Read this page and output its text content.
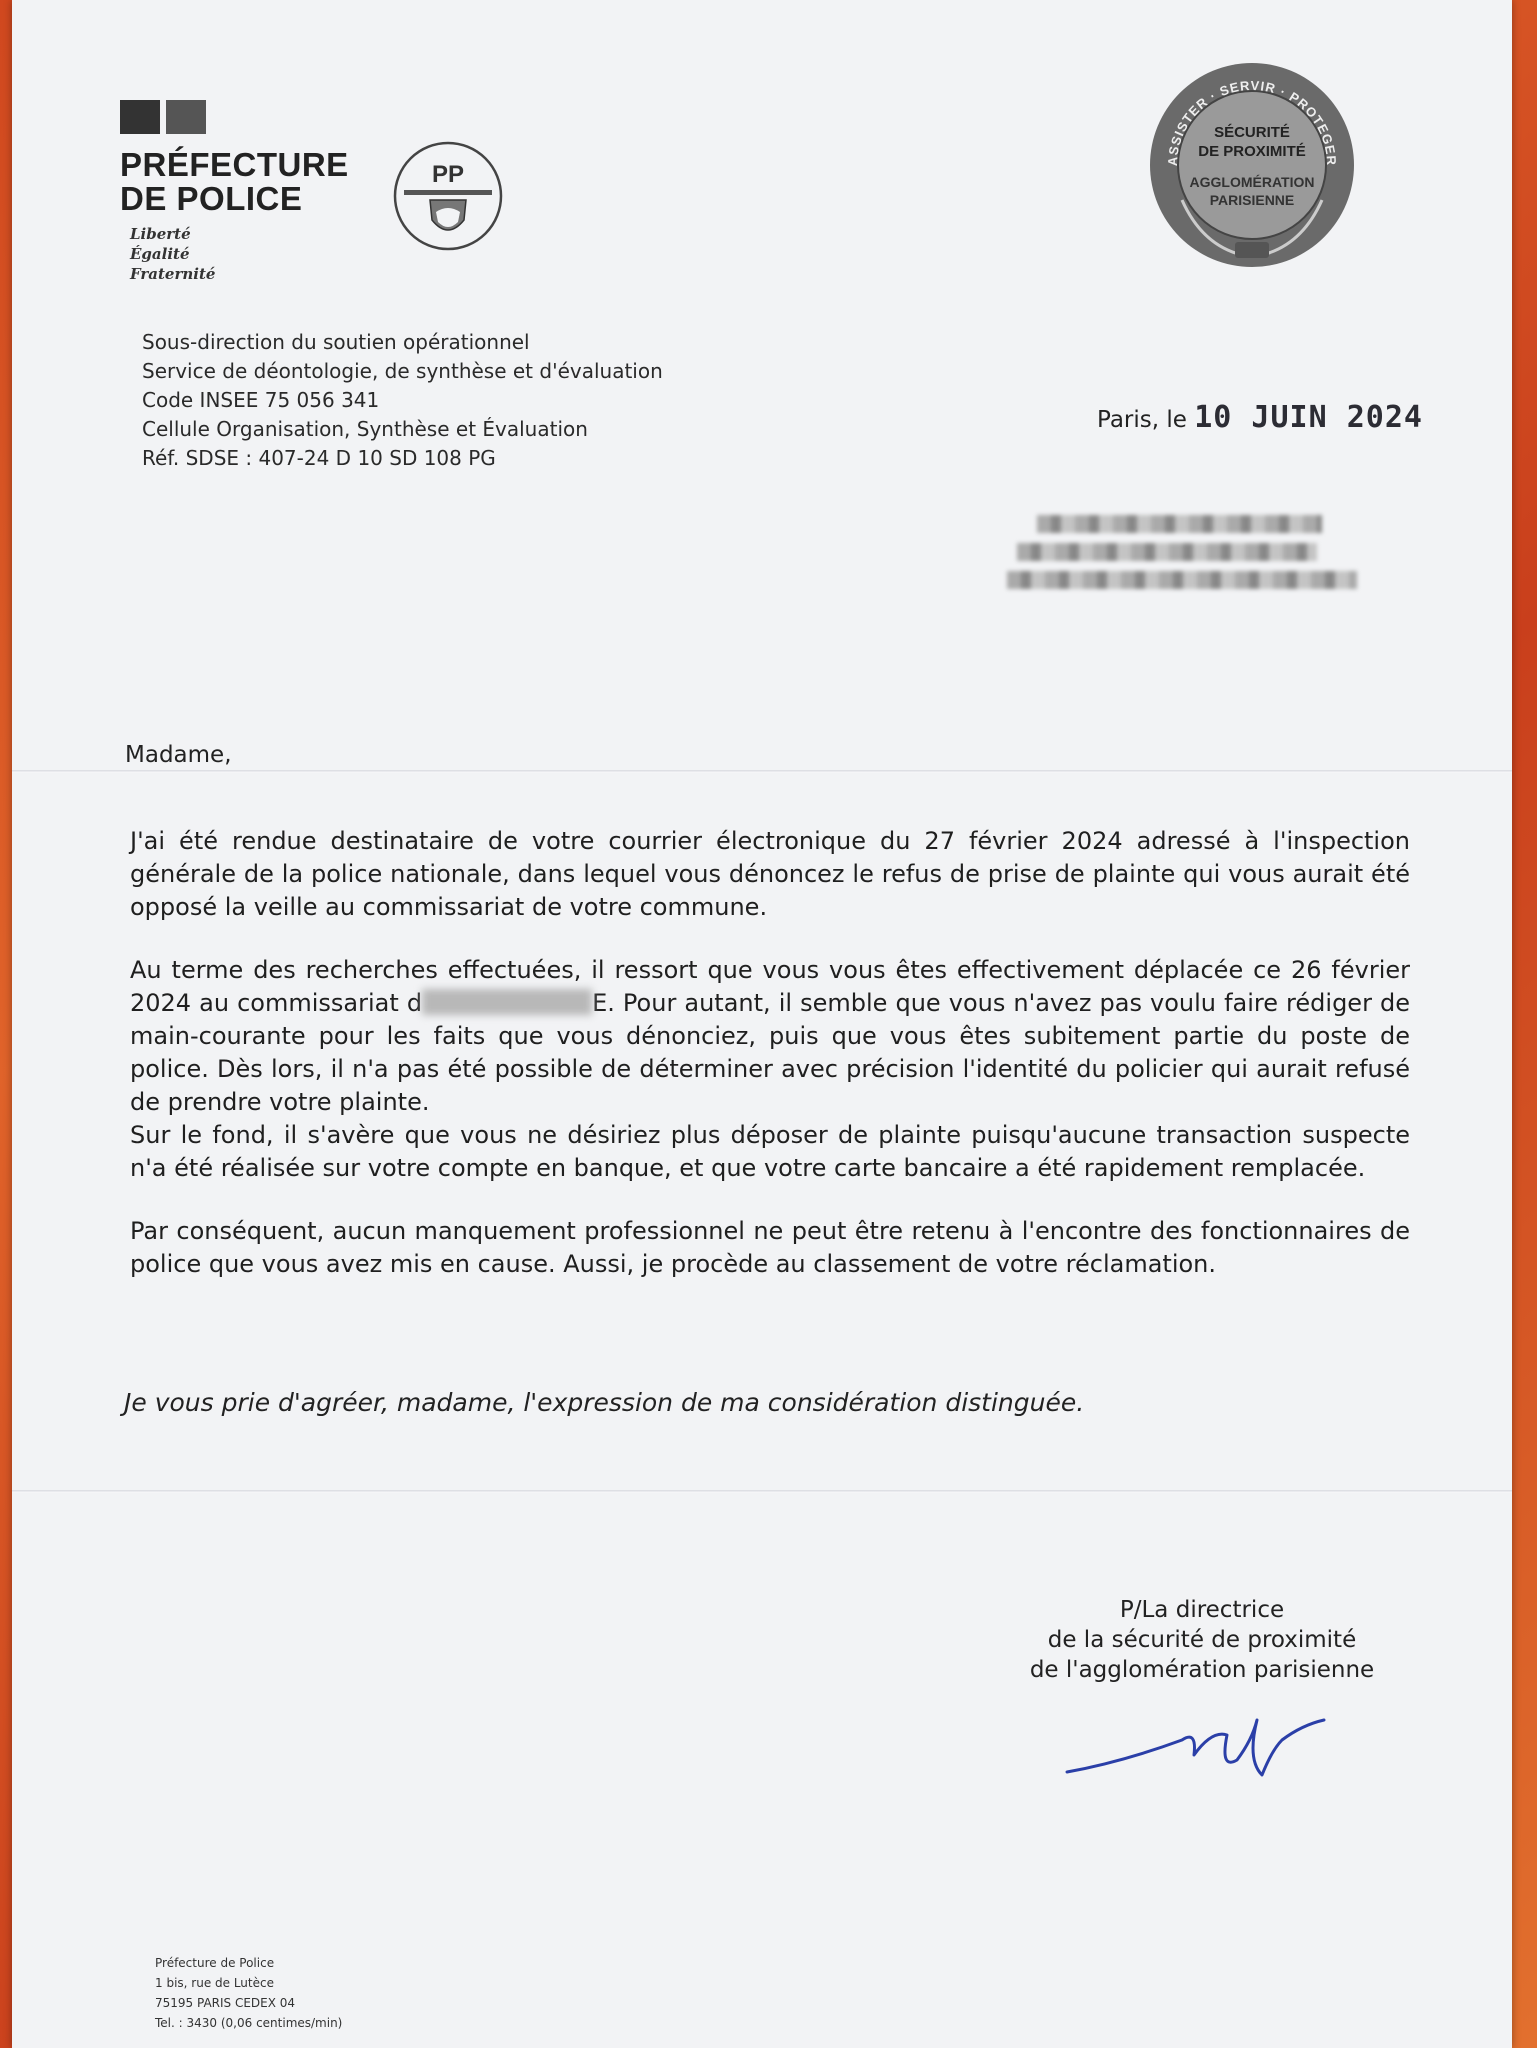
PRÉFECTURE
DE POLICE
Liberté
Égalité
Fraternité
PP
ASSISTER · SERVIR · PROTEGER
SÉCURITÉ
DE PROXIMITÉ
AGGLOMÉRATION
PARISIENNE
Sous-direction du soutien opérationnel
Service de déontologie, de synthèse et d'évaluation
Code INSEE 75 056 341
Cellule Organisation, Synthèse et Évaluation
Réf. SDSE : 407-24 D 10 SD 108 PG
Paris, le 10 JUIN 2024
Madame,

J'ai été rendue destinataire de votre courrier électronique du 27 février 2024 adressé à l'inspection générale de la police nationale, dans lequel vous dénoncez le refus de prise de plainte qui vous aurait été opposé la veille au commissariat de votre commune.

Au terme des recherches effectuées, il ressort que vous vous êtes effectivement déplacée ce 26 février 2024 au commissariat d	E. Pour autant, il semble que vous n'avez pas voulu faire rédiger de main-courante pour les faits que vous dénonciez, puis que vous êtes subitement partie du poste de police. Dès lors, il n'a pas été possible de déterminer avec précision l'identité du policier qui aurait refusé de prendre votre plainte.

Sur le fond, il s'avère que vous ne désiriez plus déposer de plainte puisqu'aucune transaction suspecte n'a été réalisée sur votre compte en banque, et que votre carte bancaire a été rapidement remplacée.

Par conséquent, aucun manquement professionnel ne peut être retenu à l'encontre des fonctionnaires de police que vous avez mis en cause. Aussi, je procède au classement de votre réclamation.

Je vous prie d'agréer, madame, l'expression de ma considération distinguée.
P/La directrice
de la sécurité de proximité
de l'agglomération parisienne
Préfecture de Police
1 bis, rue de Lutèce
75195 PARIS CEDEX 04
Tel. : 3430 (0,06 centimes/min)
